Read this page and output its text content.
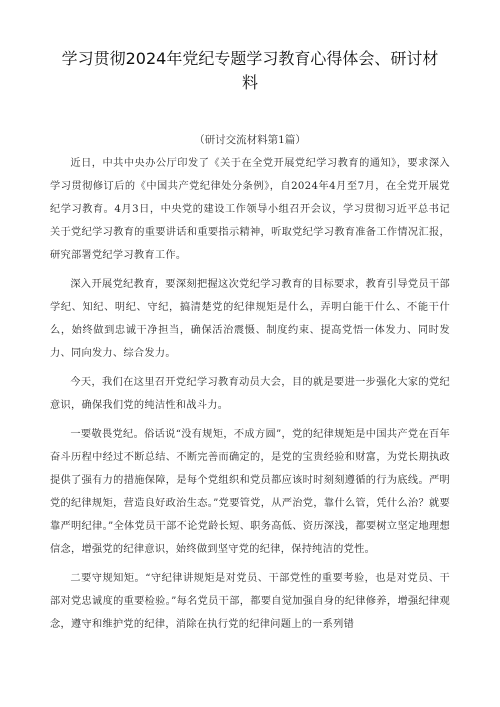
学习贯彻2024年党纪专题学习教育心得体会、研讨材料
（研讨交流材料第1篇）

近日，中共中央办公厅印发了《关于在全党开展党纪学习教育的通知》，要求深入学习贯彻修订后的《中国共产党纪律处分条例》，自2024年4月至7月，在全党开展党纪学习教育。4月3日，中央党的建设工作领导小组召开会议，学习贯彻习近平总书记关于党纪学习教育的重要讲话和重要指示精神，听取党纪学习教育准备工作情况汇报，研究部署党纪学习教育工作。

深入开展党纪教育，要深刻把握这次党纪学习教育的目标要求，教育引导党员干部学纪、知纪、明纪、守纪，搞清楚党的纪律规矩是什么，弄明白能干什么、不能干什么，始终做到忠诚干净担当，确保活治震慑、制度约束、提高党悟一体发力、同时发力、同向发力、综合发力。

今天，我们在这里召开党纪学习教育动员大会，目的就是要进一步强化大家的党纪意识，确保我们党的纯洁性和战斗力。

一要敬畏党纪。俗话说“没有规矩，不成方圆”，党的纪律规矩是中国共产党在百年奋斗历程中经过不断总结、不断完善而确定的，是党的宝贵经验和财富，为党长期执政提供了强有力的措施保障，是每个党组织和党员都应该时时刻刻遵循的行为底线。严明党的纪律规矩，营造良好政治生态。”党要管党，从严治党，靠什么管，凭什么治？就要靠严明纪律。”全体党员干部不论党龄长短、职务高低、资历深浅，都要树立坚定地理想信念，增强党的纪律意识，始终做到坚守党的纪律，保持纯洁的党性。

二要守规知矩。“守纪律讲规矩是对党员、干部党性的重要考验，也是对党员、干部对党忠诚度的重要检验。”每名党员干部，都要自觉加强自身的纪律修养，增强纪律观念，遵守和维护党的纪律，消除在执行党的纪律问题上的一系列错
